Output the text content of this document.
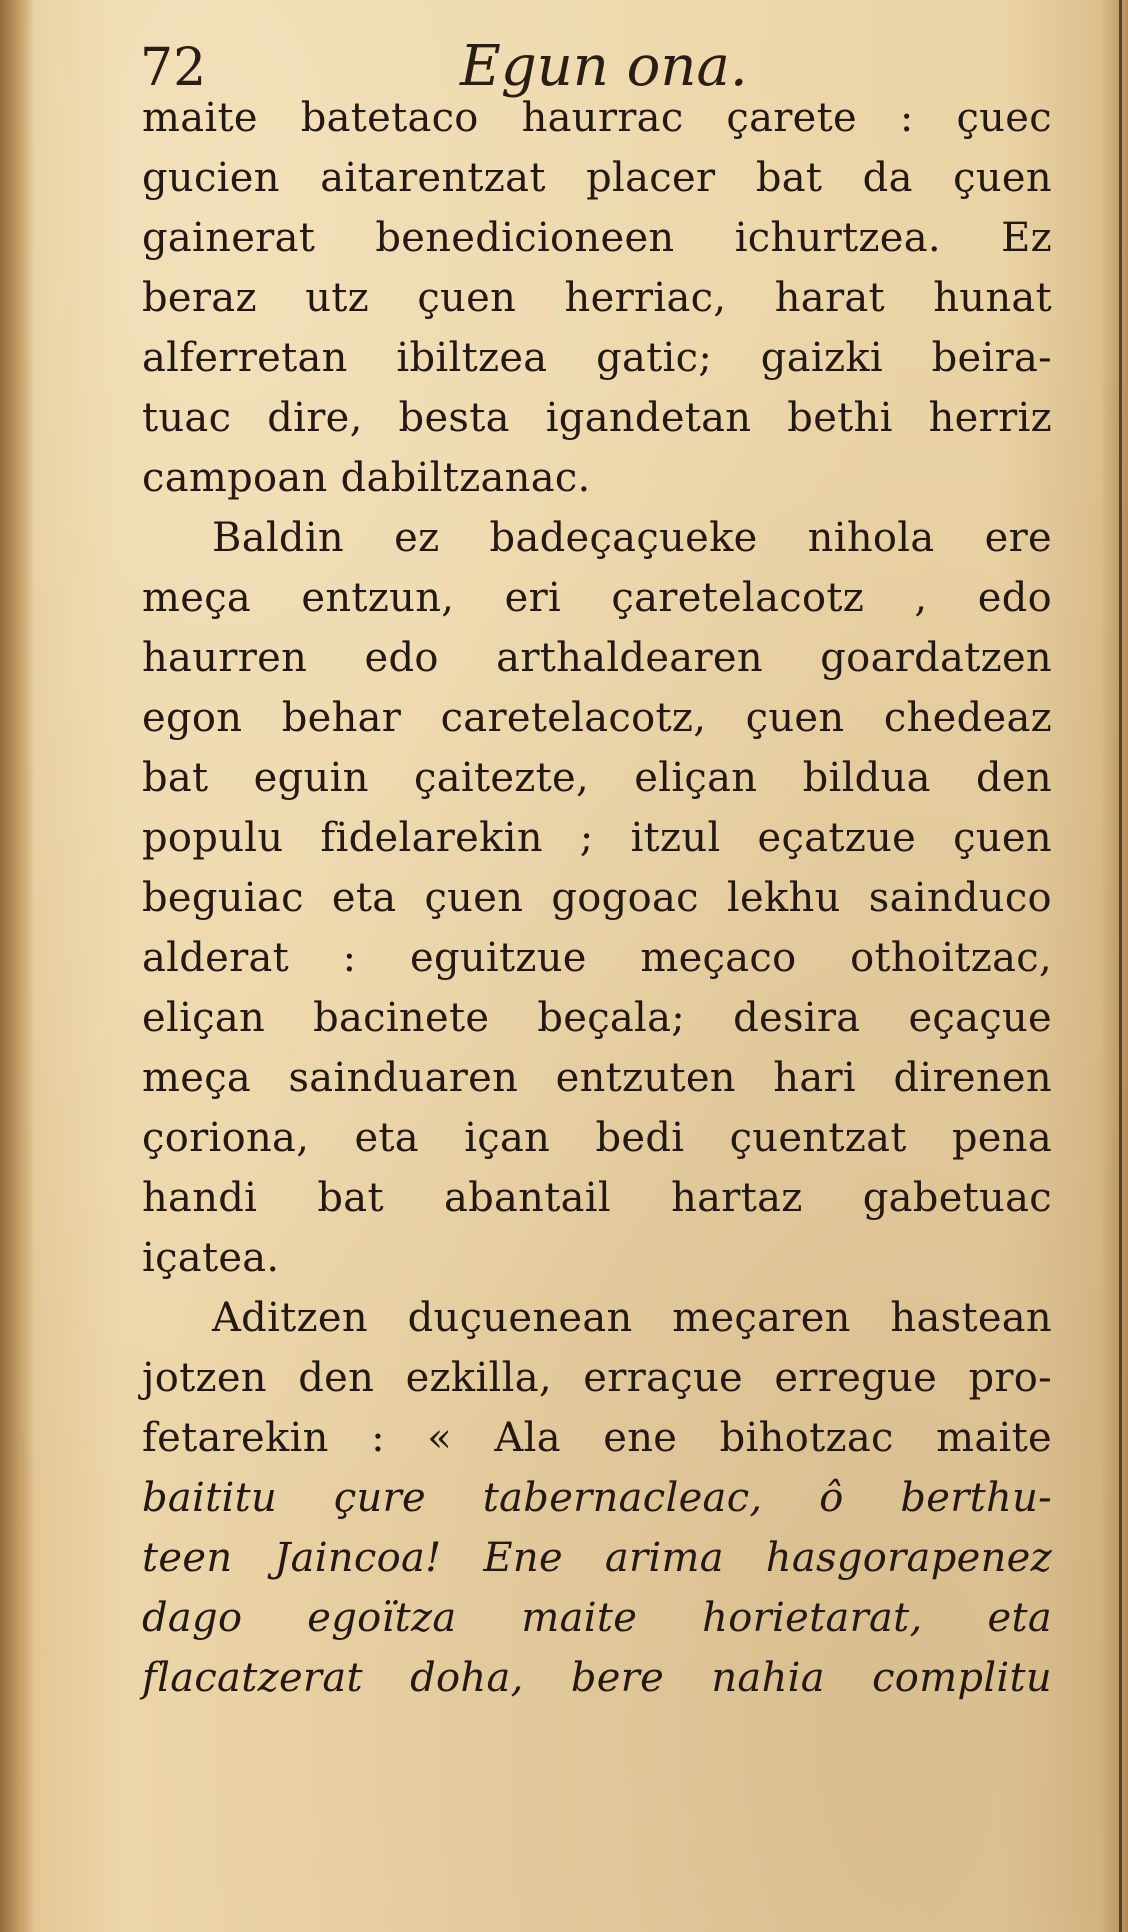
72	Egun ona.
maite batetaco haurrac çarete : çuec
gucien aitarentzat placer bat da çuen
gainerat benedicioneen ichurtzea. Ez
beraz utz çuen herriac, harat hunat
alferretan ibiltzea gatic; gaizki beira-
tuac dire, besta igandetan bethi herriz
campoan dabiltzanac.
Baldin ez badeçaçueke nihola ere
meça entzun, eri çaretelacotz , edo
haurren edo arthaldearen goardatzen
egon behar caretelacotz, çuen chedeaz
bat eguin çaitezte, eliçan bildua den
populu fidelarekin ; itzul eçatzue çuen
beguiac eta çuen gogoac lekhu sainduco
alderat : eguitzue meçaco othoitzac,
eliçan bacinete beçala; desira eçaçue
meça sainduaren entzuten hari direnen
çoriona, eta içan bedi çuentzat pena
handi bat abantail hartaz gabetuac
içatea.
Aditzen duçuenean meçaren hastean
jotzen den ezkilla, erraçue erregue pro-
fetarekin : « Ala ene bihotzac maite
baititu çure tabernacleac, ô berthu-
teen Jaincoa! Ene arima hasgorapenez
dago egoïtza maite horietarat, eta
flacatzerat doha, bere nahia complitu
